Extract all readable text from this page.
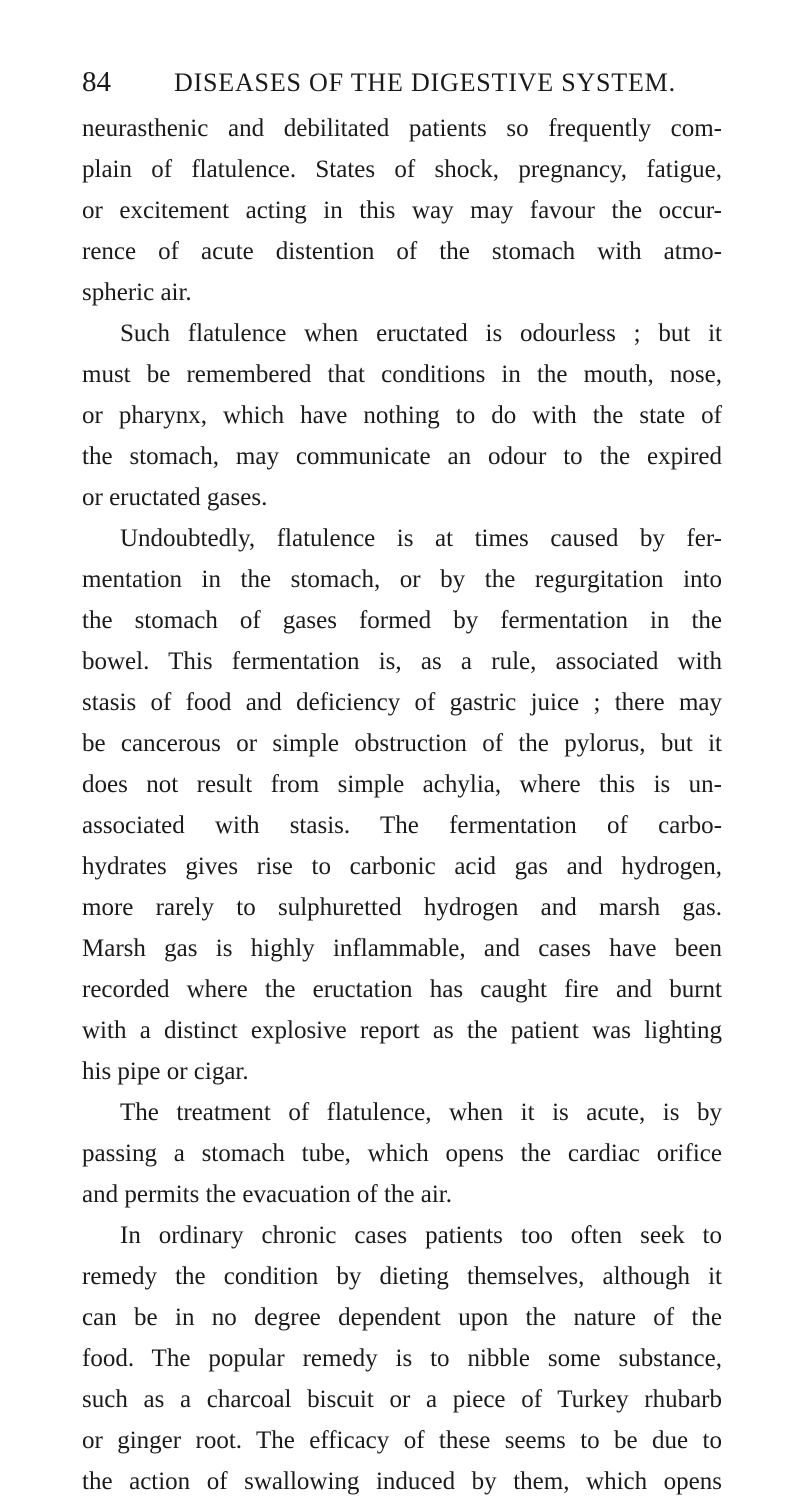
84 DISEASES OF THE DIGESTIVE SYSTEM.
neurasthenic and debilitated patients so frequently com-
plain of flatulence. States of shock, pregnancy, fatigue,
or excitement acting in this way may favour the occur-
rence of acute distention of the stomach with atmo-
spheric air.
Such flatulence when eructated is odourless ; but it
must be remembered that conditions in the mouth, nose,
or pharynx, which have nothing to do with the state of
the stomach, may communicate an odour to the expired
or eructated gases.
Undoubtedly, flatulence is at times caused by fer-
mentation in the stomach, or by the regurgitation into
the stomach of gases formed by fermentation in the
bowel. This fermentation is, as a rule, associated with
stasis of food and deficiency of gastric juice ; there may
be cancerous or simple obstruction of the pylorus, but it
does not result from simple achylia, where this is un-
associated with stasis. The fermentation of carbo-
hydrates gives rise to carbonic acid gas and hydrogen,
more rarely to sulphuretted hydrogen and marsh gas.
Marsh gas is highly inflammable, and cases have been
recorded where the eructation has caught fire and burnt
with a distinct explosive report as the patient was lighting
his pipe or cigar.
The treatment of flatulence, when it is acute, is by
passing a stomach tube, which opens the cardiac orifice
and permits the evacuation of the air.
In ordinary chronic cases patients too often seek to
remedy the condition by dieting themselves, although it
can be in no degree dependent upon the nature of the
food. The popular remedy is to nibble some substance,
such as a charcoal biscuit or a piece of Turkey rhubarb
or ginger root. The efficacy of these seems to be due to
the action of swallowing induced by them, which opens
